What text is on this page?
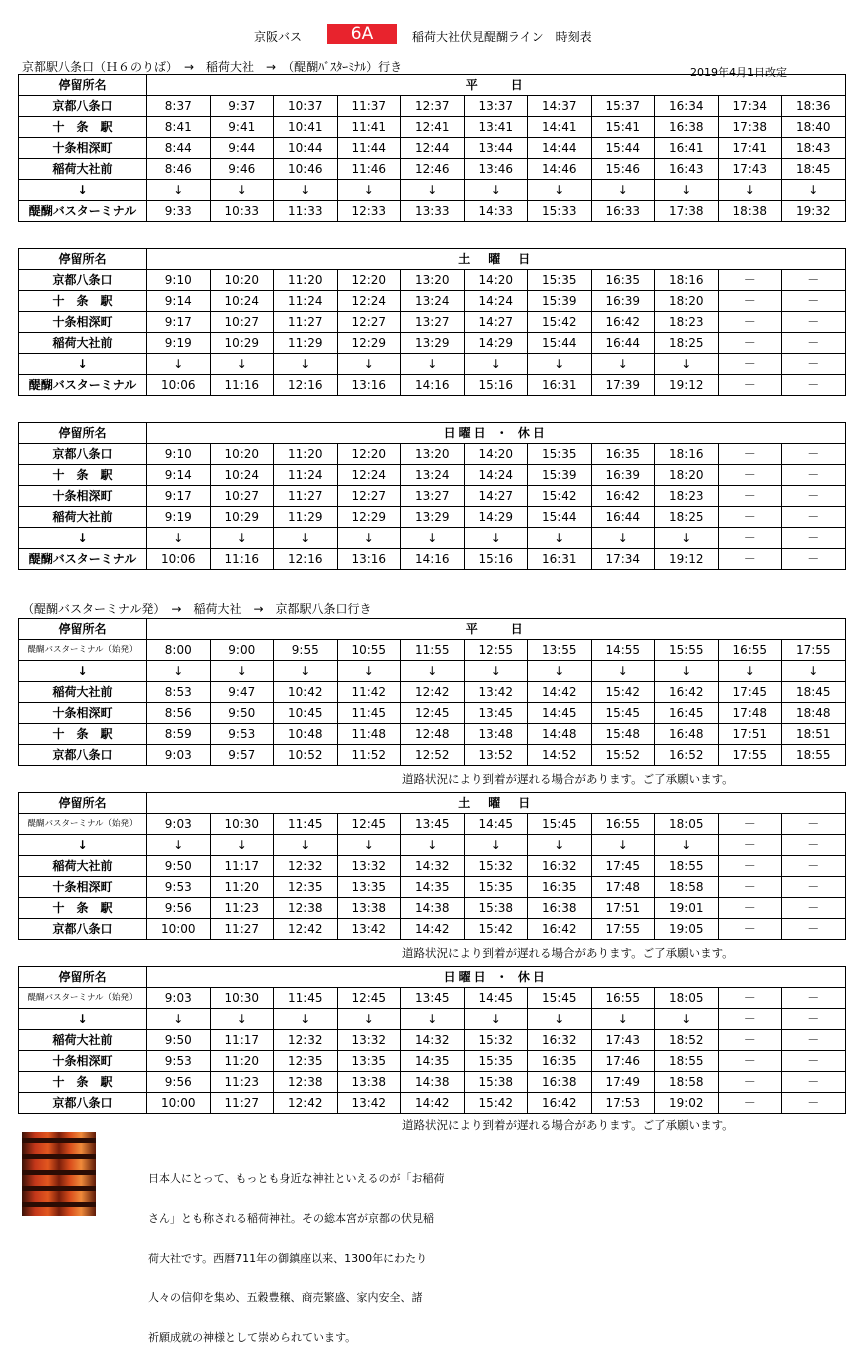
京阪バス	6A	稲荷大社伏見醍醐ライン　時刻表
京都駅八条口（Ｈ６のりば）　→　稲荷大社　→　（醍醐ﾊﾞｽﾀｰﾐﾅﾙ）行き	2019年4月1日改定
（醍醐バスターミナル発）　→　稲荷大社　→　京都駅八条口行き
停留所名	平　　日										
京都八条口	8:37	9:37	10:37	11:37	12:37	13:37	14:37	15:37	16:34	17:34	18:36
十　条　駅	8:41	9:41	10:41	11:41	12:41	13:41	14:41	15:41	16:38	17:38	18:40
十条相深町	8:44	9:44	10:44	11:44	12:44	13:44	14:44	15:44	16:41	17:41	18:43
稲荷大社前	8:46	9:46	10:46	11:46	12:46	13:46	14:46	15:46	16:43	17:43	18:45
↓	↓	↓	↓	↓	↓	↓	↓	↓	↓	↓	↓
醍醐バスターミナル	9:33	10:33	11:33	12:33	13:33	14:33	15:33	16:33	17:38	18:38	19:32
停留所名	土　曜　日										
京都八条口	9:10	10:20	11:20	12:20	13:20	14:20	15:35	16:35	18:16	－	－
十　条　駅	9:14	10:24	11:24	12:24	13:24	14:24	15:39	16:39	18:20	－	－
十条相深町	9:17	10:27	11:27	12:27	13:27	14:27	15:42	16:42	18:23	－	－
稲荷大社前	9:19	10:29	11:29	12:29	13:29	14:29	15:44	16:44	18:25	－	－
↓	↓	↓	↓	↓	↓	↓	↓	↓	↓	－	－
醍醐バスターミナル	10:06	11:16	12:16	13:16	14:16	15:16	16:31	17:39	19:12	－	－
停留所名	日曜日 ・ 休日										
京都八条口	9:10	10:20	11:20	12:20	13:20	14:20	15:35	16:35	18:16	－	－
十　条　駅	9:14	10:24	11:24	12:24	13:24	14:24	15:39	16:39	18:20	－	－
十条相深町	9:17	10:27	11:27	12:27	13:27	14:27	15:42	16:42	18:23	－	－
稲荷大社前	9:19	10:29	11:29	12:29	13:29	14:29	15:44	16:44	18:25	－	－
↓	↓	↓	↓	↓	↓	↓	↓	↓	↓	－	－
醍醐バスターミナル	10:06	11:16	12:16	13:16	14:16	15:16	16:31	17:34	19:12	－	－
停留所名	平　　日										
醍醐バスターミナル（始発）	8:00	9:00	9:55	10:55	11:55	12:55	13:55	14:55	15:55	16:55	17:55
↓	↓	↓	↓	↓	↓	↓	↓	↓	↓	↓	↓
稲荷大社前	8:53	9:47	10:42	11:42	12:42	13:42	14:42	15:42	16:42	17:45	18:45
十条相深町	8:56	9:50	10:45	11:45	12:45	13:45	14:45	15:45	16:45	17:48	18:48
十　条　駅	8:59	9:53	10:48	11:48	12:48	13:48	14:48	15:48	16:48	17:51	18:51
京都八条口	9:03	9:57	10:52	11:52	12:52	13:52	14:52	15:52	16:52	17:55	18:55
道路状況により到着が遅れる場合があります。ご了承願います。
停留所名	土　曜　日										
醍醐バスターミナル（始発）	9:03	10:30	11:45	12:45	13:45	14:45	15:45	16:55	18:05	－	－
↓	↓	↓	↓	↓	↓	↓	↓	↓	↓	－	－
稲荷大社前	9:50	11:17	12:32	13:32	14:32	15:32	16:32	17:45	18:55	－	－
十条相深町	9:53	11:20	12:35	13:35	14:35	15:35	16:35	17:48	18:58	－	－
十　条　駅	9:56	11:23	12:38	13:38	14:38	15:38	16:38	17:51	19:01	－	－
京都八条口	10:00	11:27	12:42	13:42	14:42	15:42	16:42	17:55	19:05	－	－
道路状況により到着が遅れる場合があります。ご了承願います。
停留所名	日曜日 ・ 休日										
醍醐バスターミナル（始発）	9:03	10:30	11:45	12:45	13:45	14:45	15:45	16:55	18:05	－	－
↓	↓	↓	↓	↓	↓	↓	↓	↓	↓	－	－
稲荷大社前	9:50	11:17	12:32	13:32	14:32	15:32	16:32	17:43	18:52	－	－
十条相深町	9:53	11:20	12:35	13:35	14:35	15:35	16:35	17:46	18:55	－	－
十　条　駅	9:56	11:23	12:38	13:38	14:38	15:38	16:38	17:49	18:58	－	－
京都八条口	10:00	11:27	12:42	13:42	14:42	15:42	16:42	17:53	19:02	－	－
道路状況により到着が遅れる場合があります。ご了承願います。

日本人にとって、もっとも身近な神社といえるのが「お稲荷

さん」とも称される稲荷神社。その総本宮が京都の伏見稲

荷大社です。西暦711年の御鎮座以来、1300年にわたり

人々の信仰を集め、五穀豊穣、商売繁盛、家内安全、諸

祈願成就の神様として崇められています。
